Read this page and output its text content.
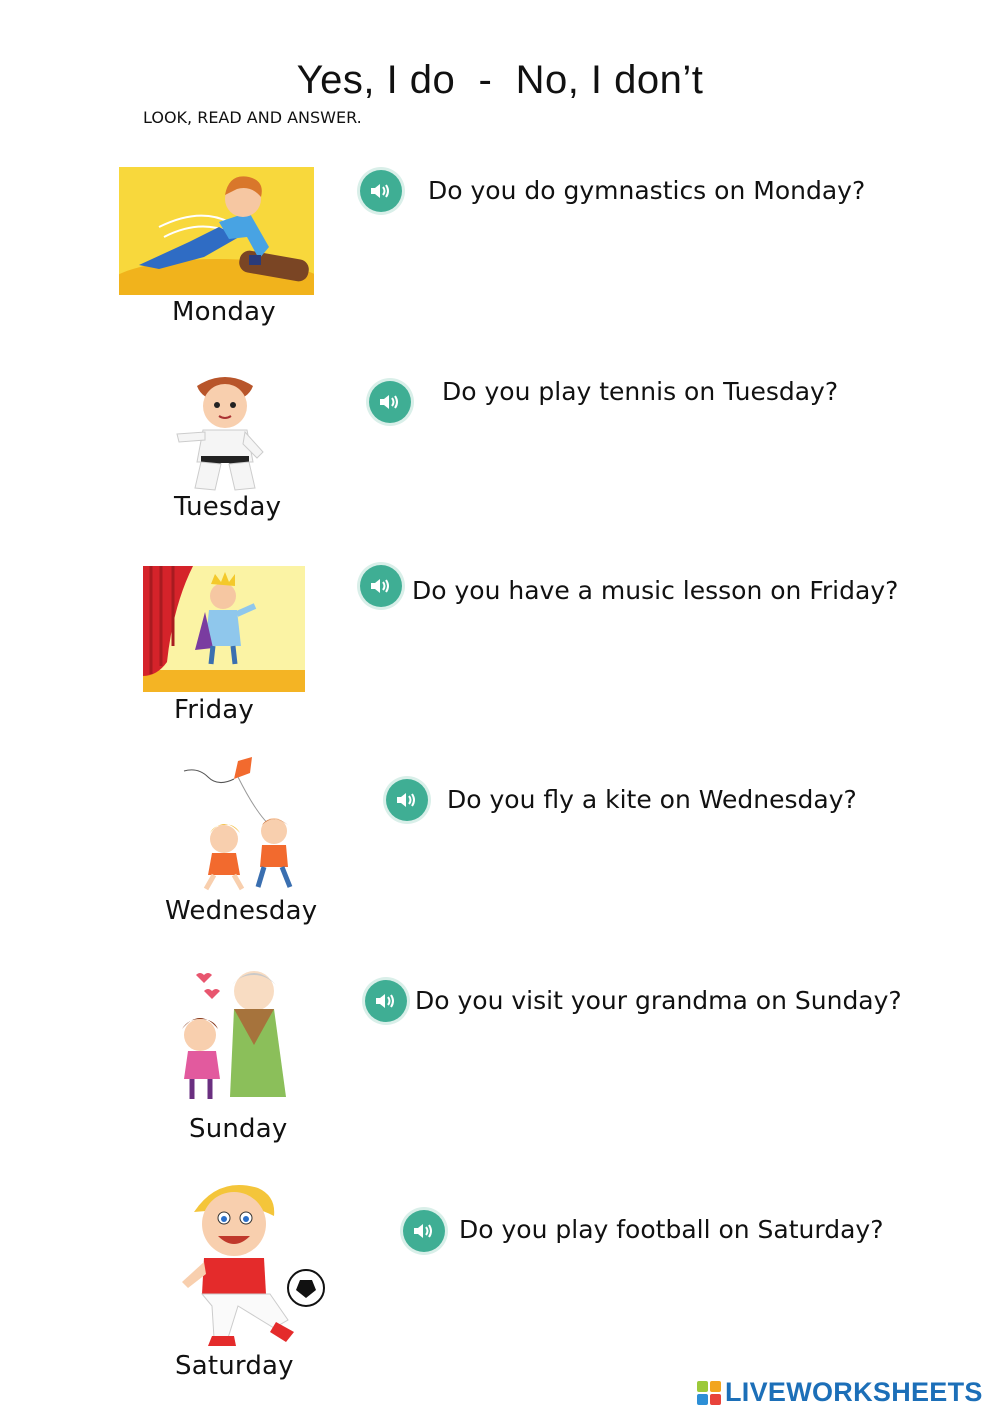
Yes, I do  -  No, I don’t
LOOK, READ AND ANSWER.
Monday
Do you do gymnastics on Monday?
Tuesday
Do you play tennis on Tuesday?
Friday
Do you have a music lesson on Friday?
Wednesday
Do you fly a kite on Wednesday?
Sunday
Do you visit your grandma on Sunday?
Saturday
Do you play football on Saturday?
LIVEWORKSHEETS
